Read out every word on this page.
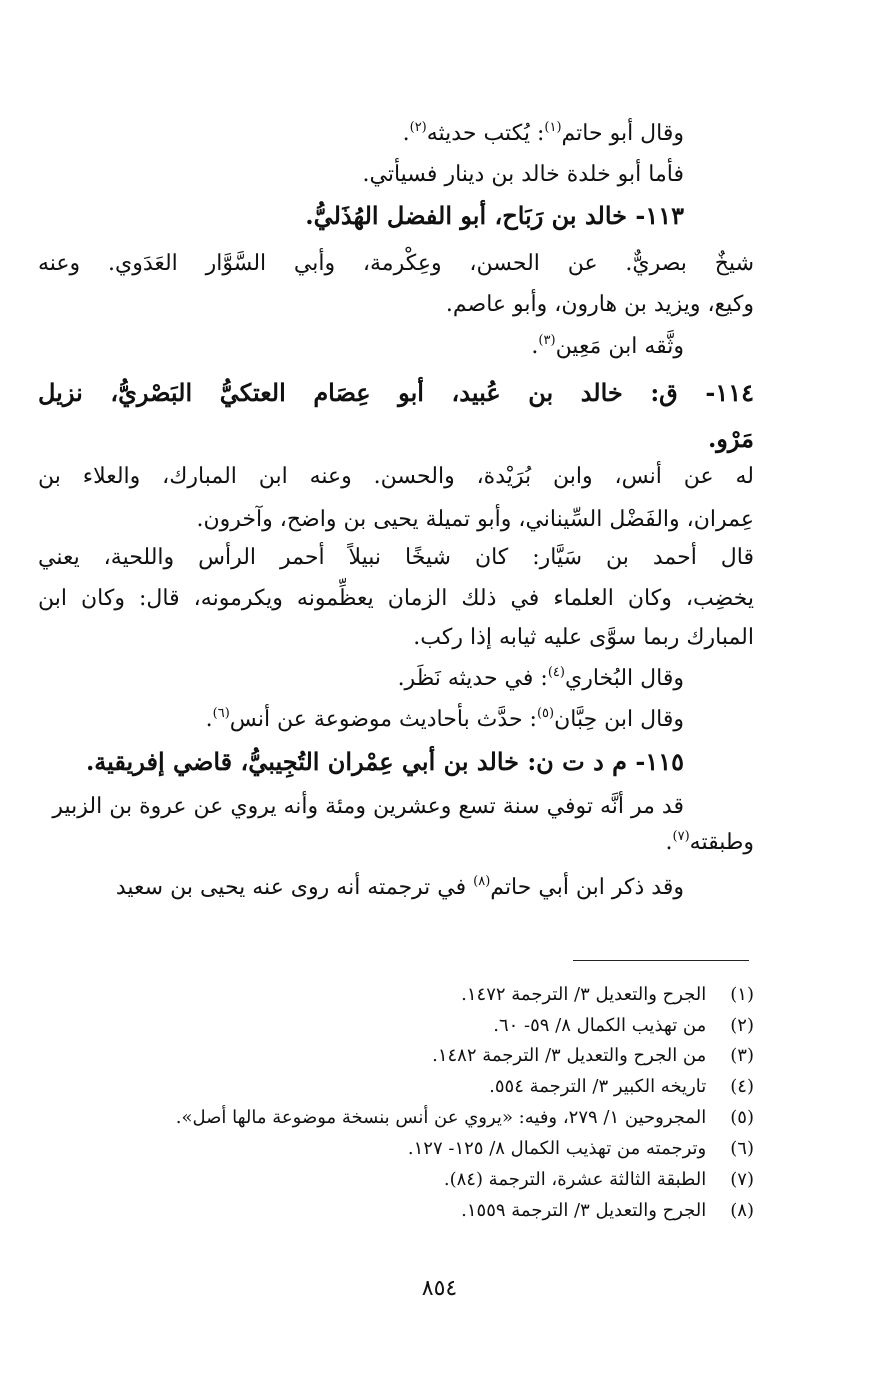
وقال أبو حاتم$^{(١)}$: يُكتب حديثه$^{(٢)}$.
فأما أبو خلدة خالد بن دينار فسيأتي.
١١٣- خالد بن رَبَاح، أبو الفضل الهُذَليُّ.
شيخٌ بصريٌّ. عن الحسن، وعِكْرمة، وأبي السَّوَّار العَدَوي. وعنه
وكيع، ويزيد بن هارون، وأبو عاصم.
وثَّقه ابن مَعِين$^{(٣)}$.
١١٤- ق: خالد بن عُبيد، أبو عِصَام العتكيُّ البَصْريُّ، نزيل
مَرْو.
له عن أنس، وابن بُرَيْدة، والحسن. وعنه ابن المبارك، والعلاء بن
عِمران، والفَضْل السِّيناني، وأبو تميلة يحيى بن واضح، وآخرون.
قال أحمد بن سَيَّار: كان شيخًا نبيلاً أحمر الرأس واللحية، يعني
يخضِب، وكان العلماء في ذلك الزمان يعظِّمونه ويكرمونه، قال: وكان ابن
المبارك ربما سوَّى عليه ثيابه إذا ركب.
وقال البُخاري$^{(٤)}$: في حديثه نَظَر.
وقال ابن حِبَّان$^{(٥)}$: حدَّث بأحاديث موضوعة عن أنس$^{(٦)}$.
١١٥- م د ت ن: خالد بن أبي عِمْران التُجِيبيُّ، قاضي إفريقية.
قد مر أنَّه توفي سنة تسع وعشرين ومئة وأنه يروي عن عروة بن الزبير
وطبقته$^{(٧)}$.
وقد ذكر ابن أبي حاتم$^{(٨)}$ في ترجمته أنه روى عنه يحيى بن سعيد
(١) الجرح والتعديل ٣/ الترجمة ١٤٧٢.
(٢) من تهذيب الكمال ٨/ ٥٩- ٦٠.
(٣) من الجرح والتعديل ٣/ الترجمة ١٤٨٢.
(٤) تاريخه الكبير ٣/ الترجمة ٥٥٤.
(٥) المجروحين ١/ ٢٧٩، وفيه: «يروي عن أنس بنسخة موضوعة مالها أصل».
(٦) وترجمته من تهذيب الكمال ٨/ ١٢٥- ١٢٧.
(٧) الطبقة الثالثة عشرة، الترجمة (٨٤).
(٨) الجرح والتعديل ٣/ الترجمة ١٥٥٩.
٨٥٤
